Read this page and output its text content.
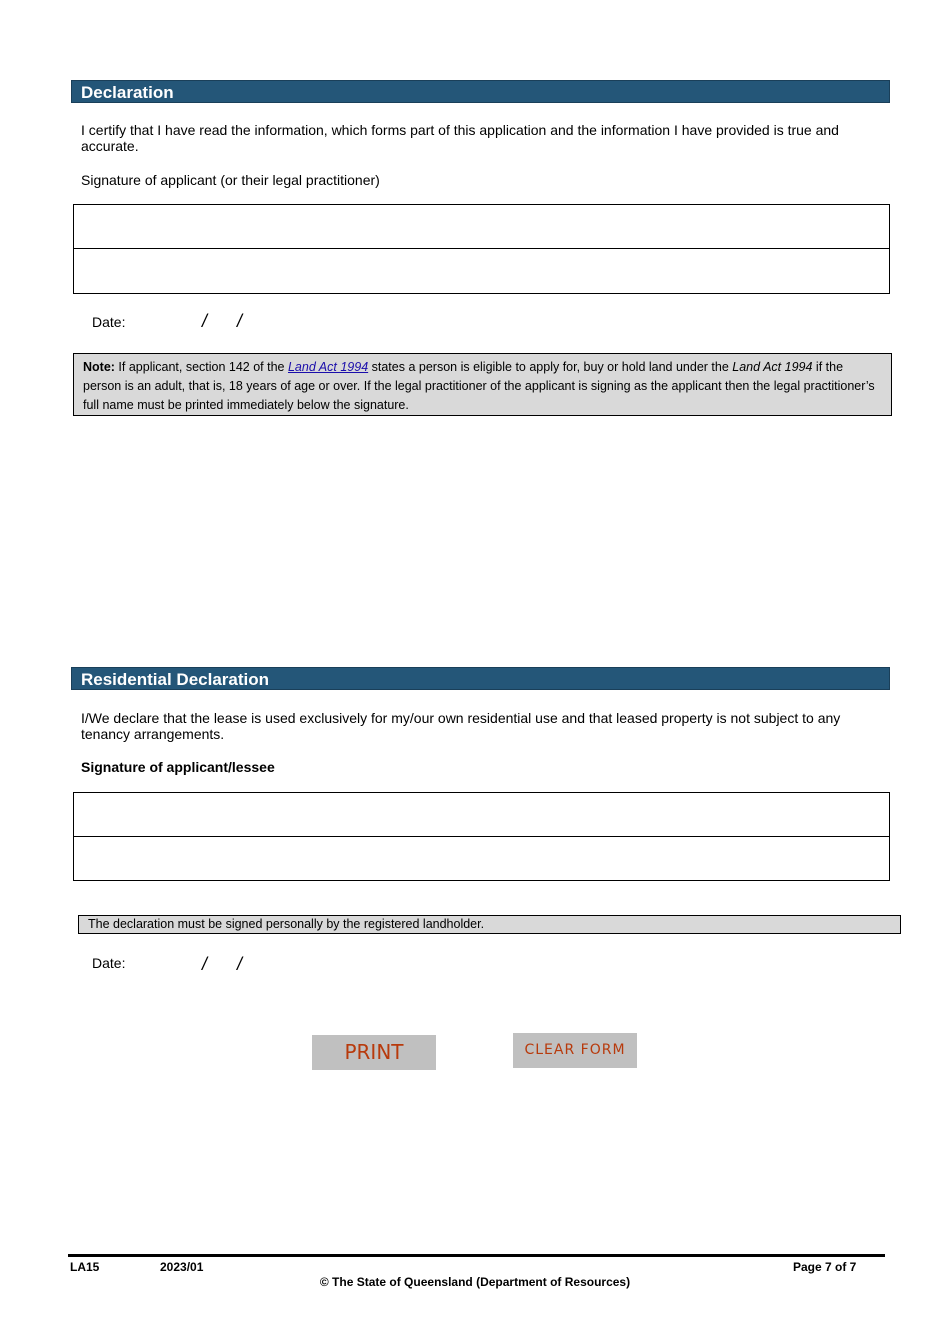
Declaration
I certify that I have read the information, which forms part of this application and the information I have provided is true and accurate.
Signature of applicant (or their legal practitioner)
Date:	/ /
Note: If applicant, section 142 of the Land Act 1994 states a person is eligible to apply for, buy or hold land under the Land Act 1994 if the person is an adult, that is, 18 years of age or over. If the legal practitioner of the applicant is signing as the applicant then the legal practitioner’s full name must be printed immediately below the signature.
Residential Declaration
I/We declare that the lease is used exclusively for my/our own residential use and that leased property is not subject to any tenancy arrangements.
Signature of applicant/lessee
The declaration must be signed personally by the registered landholder.
Date:	/ /
PRINT	CLEAR FORM
LA15	2023/01	Page 7 of 7
© The State of Queensland (Department of Resources)
